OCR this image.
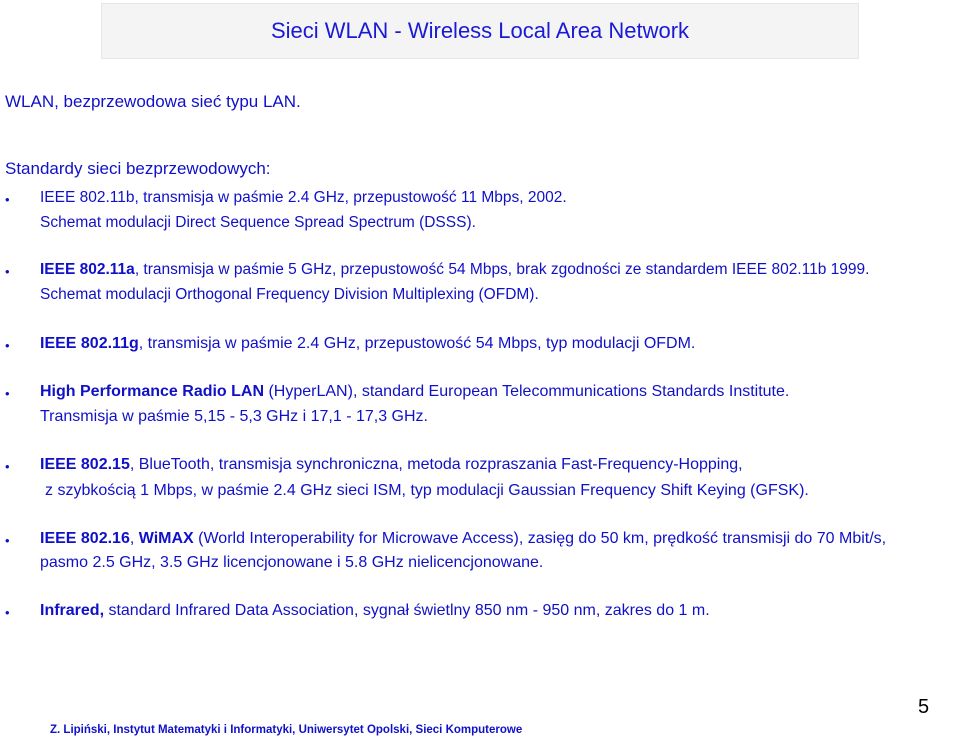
Sieci WLAN - Wireless Local Area Network
WLAN, bezprzewodowa sieć typu LAN.
Standardy sieci bezprzewodowych:
• IEEE 802.11b, transmisja w paśmie 2.4 GHz, przepustowość 11 Mbps, 2002.
Schemat modulacji Direct Sequence Spread Spectrum (DSSS).
• IEEE 802.11a, transmisja w paśmie 5 GHz, przepustowość 54 Mbps, brak zgodności ze standardem IEEE 802.11b 1999.
Schemat modulacji Orthogonal Frequency Division Multiplexing (OFDM).
• IEEE 802.11g, transmisja w paśmie 2.4 GHz, przepustowość 54 Mbps, typ modulacji OFDM.
• High Performance Radio LAN (HyperLAN), standard European Telecommunications Standards Institute.
Transmisja w paśmie 5,15 - 5,3 GHz i 17,1 - 17,3 GHz.
• IEEE 802.15, BlueTooth, transmisja synchroniczna, metoda rozpraszania Fast-Frequency-Hopping,
z szybkością 1 Mbps, w paśmie 2.4 GHz sieci ISM, typ modulacji Gaussian Frequency Shift Keying (GFSK).
• IEEE 802.16, WiMAX (World Interoperability for Microwave Access), zasięg do 50 km, prędkość transmisji do 70 Mbit/s,
pasmo 2.5 GHz, 3.5 GHz licencjonowane i 5.8 GHz nielicencjonowane.
• Infrared, standard Infrared Data Association, sygnał świetlny 850 nm - 950 nm, zakres do 1 m.
Z. Lipiński, Instytut Matematyki i Informatyki, Uniwersytet Opolski, Sieci Komputerowe
5
